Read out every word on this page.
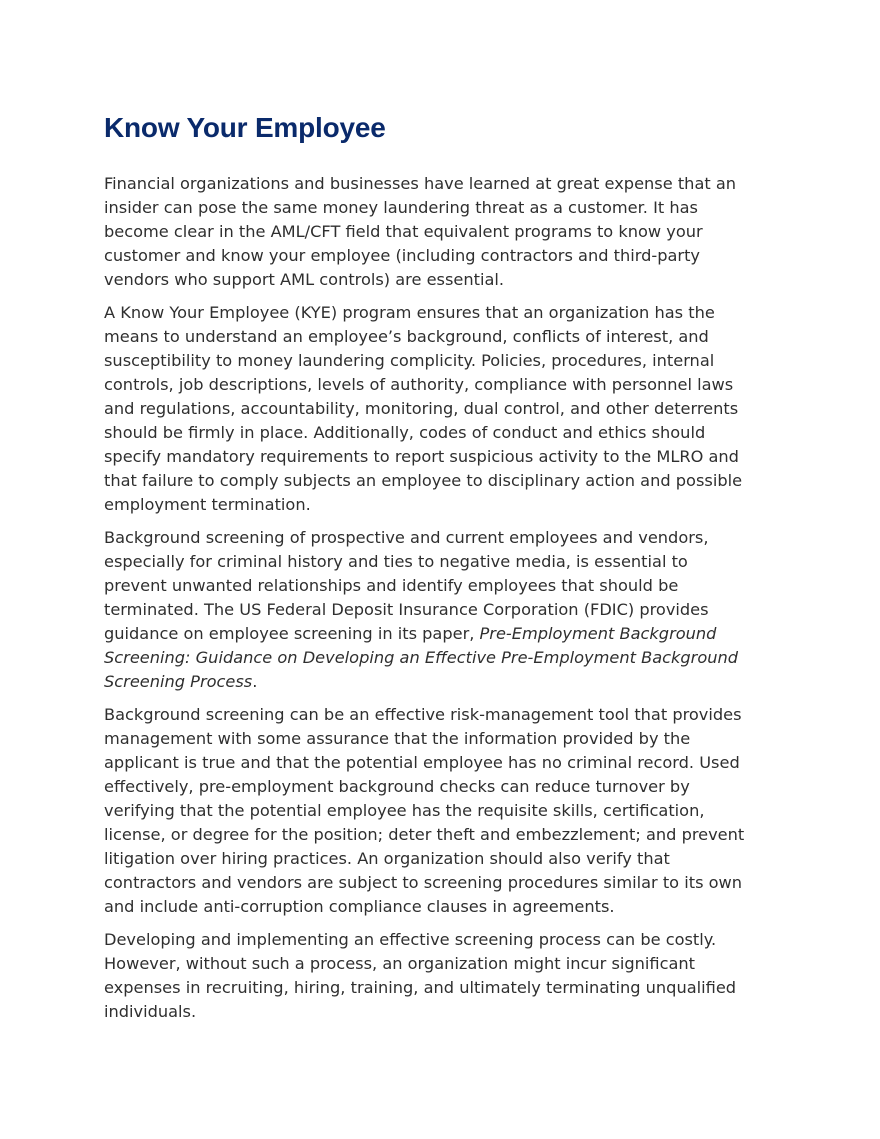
Know Your Employee

Financial organizations and businesses have learned at great expense that an insider can pose the same money laundering threat as a customer. It has become clear in the AML/CFT field that equivalent programs to know your customer and know your employee (including contractors and third-party vendors who support AML controls) are essential.

A Know Your Employee (KYE) program ensures that an organization has the means to understand an employee’s background, conflicts of interest, and susceptibility to money laundering complicity. Policies, procedures, internal controls, job descriptions, levels of authority, compliance with personnel laws and regulations, accountability, monitoring, dual control, and other deterrents should be firmly in place. Additionally, codes of conduct and ethics should specify mandatory requirements to report suspicious activity to the MLRO and that failure to comply subjects an employee to disciplinary action and possible employment termination.

Background screening of prospective and current employees and vendors, especially for criminal history and ties to negative media, is essential to prevent unwanted relationships and identify employees that should be terminated. The US Federal Deposit Insurance Corporation (FDIC) provides guidance on employee screening in its paper, Pre-Employment Background Screening: Guidance on Developing an Effective Pre-Employment Background Screening Process.

Background screening can be an effective risk-management tool that provides management with some assurance that the information provided by the applicant is true and that the potential employee has no criminal record. Used effectively, pre-employment background checks can reduce turnover by verifying that the potential employee has the requisite skills, certification, license, or degree for the position; deter theft and embezzlement; and prevent litigation over hiring practices. An organization should also verify that contractors and vendors are subject to screening procedures similar to its own and include anti-corruption compliance clauses in agreements.

Developing and implementing an effective screening process can be costly. However, without such a process, an organization might incur significant expenses in recruiting, hiring, training, and ultimately terminating unqualified individuals.
